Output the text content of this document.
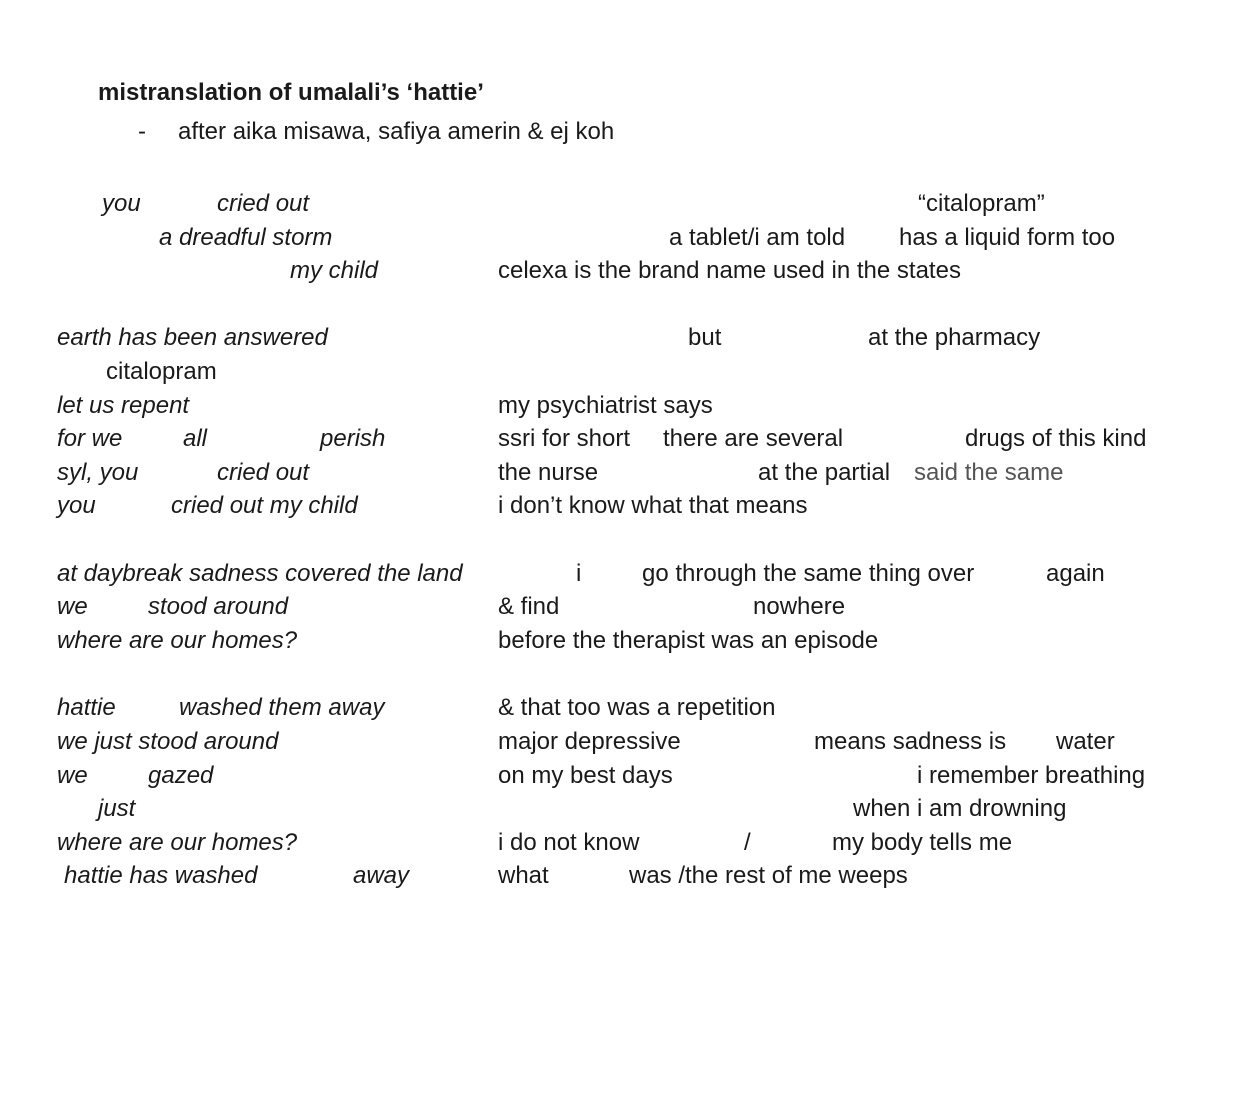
mistranslation of umalali’s ‘hattie’
- after aika misawa, safiya amerin & ej koh
you	cried out	“citalopram”
a dreadful storm	a tablet/i am told has a liquid form too
my child	celexa is the brand name used in the states
earth has been answered	but	at the pharmacy
citalopram
let us repent	my psychiatrist says
for we	all	perish	ssri for short there are several	drugs of this kind
syl, you	cried out	the nurse	at the partial said the same
you	cried out my child	i don’t know what that means
at daybreak sadness covered the land	i	go through the same thing over	again
we	stood around	& find	nowhere
where are our homes?	before the therapist was an episode
hattie	washed them away	& that too was a repetition
we just stood around	major depressive	means sadness is water
we	gazed	on my best days	i remember breathing
just	when i am drowning
where are our homes?	i do not know	/	my body tells me
hattie has washed	away	what	was /the rest of me weeps
